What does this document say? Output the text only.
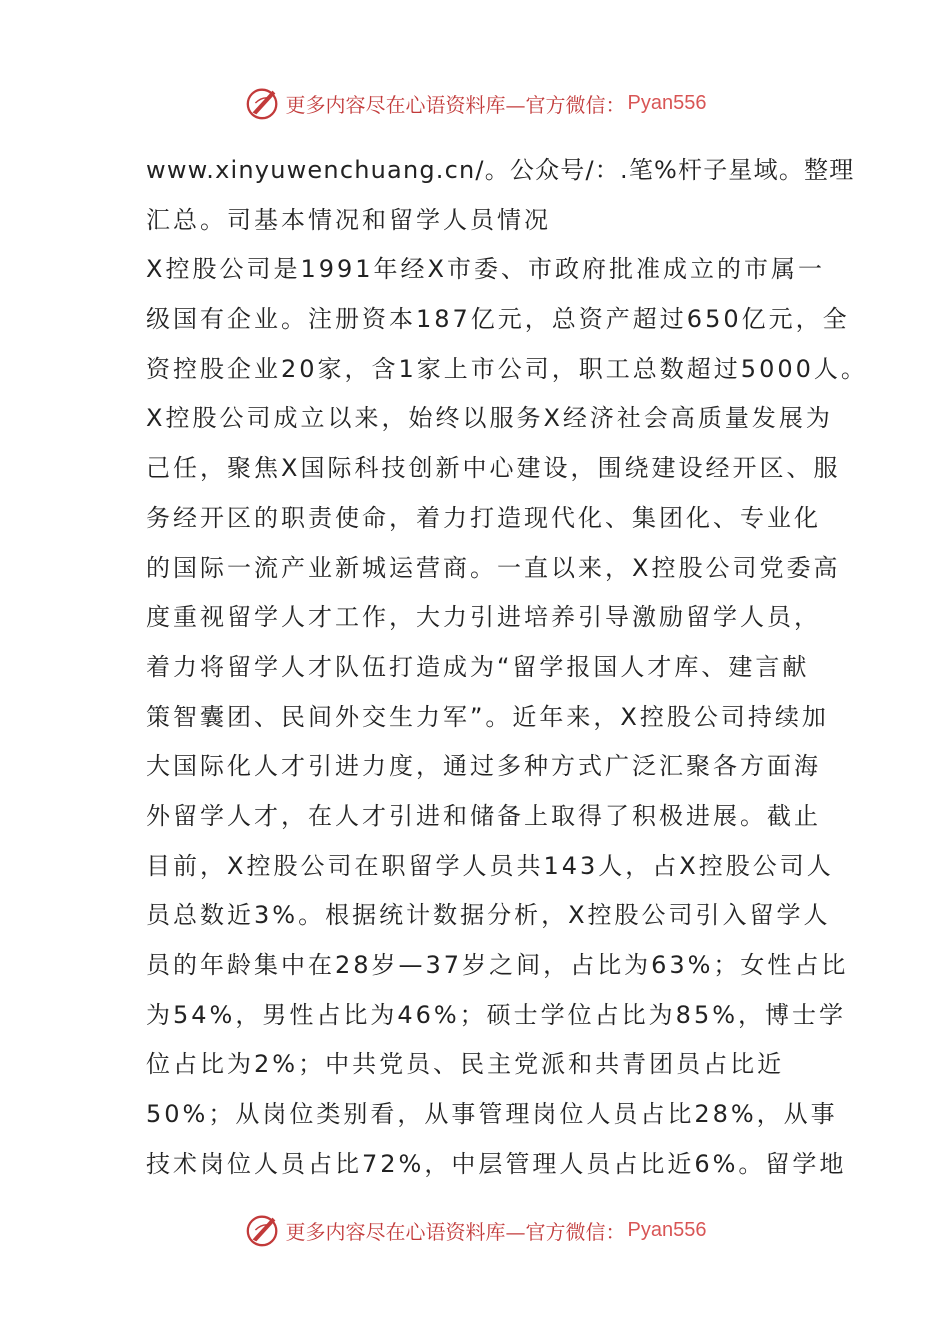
更多内容尽在心语资料库—官方微信： Pyan556
www.xinyuwenchuang.cn/。公众号/：.笔%杆子星域。整理
汇总。司基本情况和留学人员情况
X控股公司是1991年经X市委、市政府批准成立的市属一
级国有企业。注册资本187亿元，总资产超过650亿元，全
资控股企业20家，含1家上市公司，职工总数超过5000人。
X控股公司成立以来，始终以服务X经济社会高质量发展为
己任，聚焦X国际科技创新中心建设，围绕建设经开区、服
务经开区的职责使命，着力打造现代化、集团化、专业化
的国际一流产业新城运营商。一直以来，X控股公司党委高
度重视留学人才工作，大力引进培养引导激励留学人员，
着力将留学人才队伍打造成为“留学报国人才库、建言献
策智囊团、民间外交生力军”。近年来，X控股公司持续加
大国际化人才引进力度，通过多种方式广泛汇聚各方面海
外留学人才，在人才引进和储备上取得了积极进展。截止
目前，X控股公司在职留学人员共143人，占X控股公司人
员总数近3%。根据统计数据分析，X控股公司引入留学人
员的年龄集中在28岁—37岁之间，占比为63%；女性占比
为54%，男性占比为46%；硕士学位占比为85%，博士学
位占比为2%；中共党员、民主党派和共青团员占比近
50%；从岗位类别看，从事管理岗位人员占比28%，从事
技术岗位人员占比72%，中层管理人员占比近6%。留学地
更多内容尽在心语资料库—官方微信： Pyan556
